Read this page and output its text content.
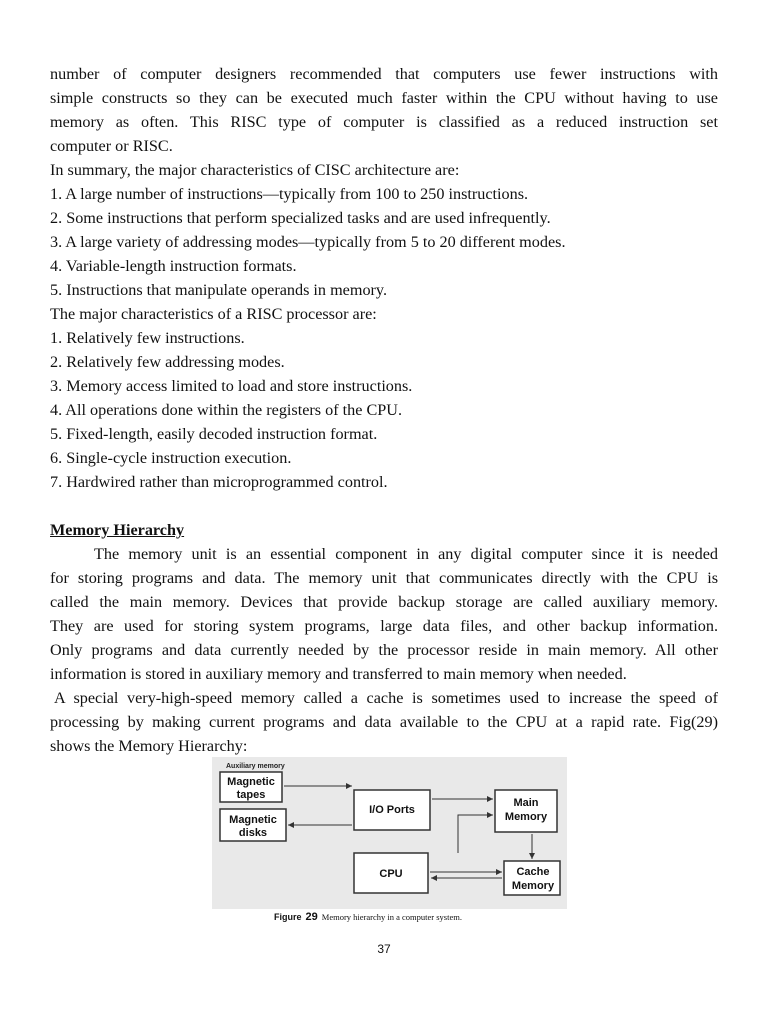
number of computer designers recommended that computers use fewer instructions with
simple constructs so they can be executed much faster within the CPU without having to use
memory as often. This RISC type of computer is classified as a reduced instruction set
computer or RISC.
In summary, the major characteristics of CISC architecture are:
1. A large number of instructions—typically from 100 to 250 instructions.
2. Some instructions that perform specialized tasks and are used infrequently.
3. A large variety of addressing modes—typically from 5 to 20 different modes.
4. Variable-length instruction formats.
5. Instructions that manipulate operands in memory.
The major characteristics of a RISC processor are:
1. Relatively few instructions.
2. Relatively few addressing modes.
3. Memory access limited to load and store instructions.
4. All operations done within the registers of the CPU.
5. Fixed-length, easily decoded instruction format.
6. Single-cycle instruction execution.
7. Hardwired rather than microprogrammed control.
Memory Hierarchy
The memory unit is an essential component in any digital computer since it is needed
for storing programs and data. The memory unit that communicates directly with the CPU is
called the main memory. Devices that provide backup storage are called auxiliary memory.
They are used for storing system programs, large data files, and other backup information.
Only programs and data currently needed by the processor reside in main memory. All other
information is stored in auxiliary memory and transferred to main memory when needed.
A special very-high-speed memory called a cache is sometimes used to increase the speed of
processing by making current programs and data available to the CPU at a rapid rate. Fig(29)
shows the Memory Hierarchy:
Auxiliary memory
Magnetic
tapes
Magnetic
disks
I/O Ports
Main
Memory
CPU	Cache
Memory
Figure 29 Memory hierarchy in a computer system.
37
